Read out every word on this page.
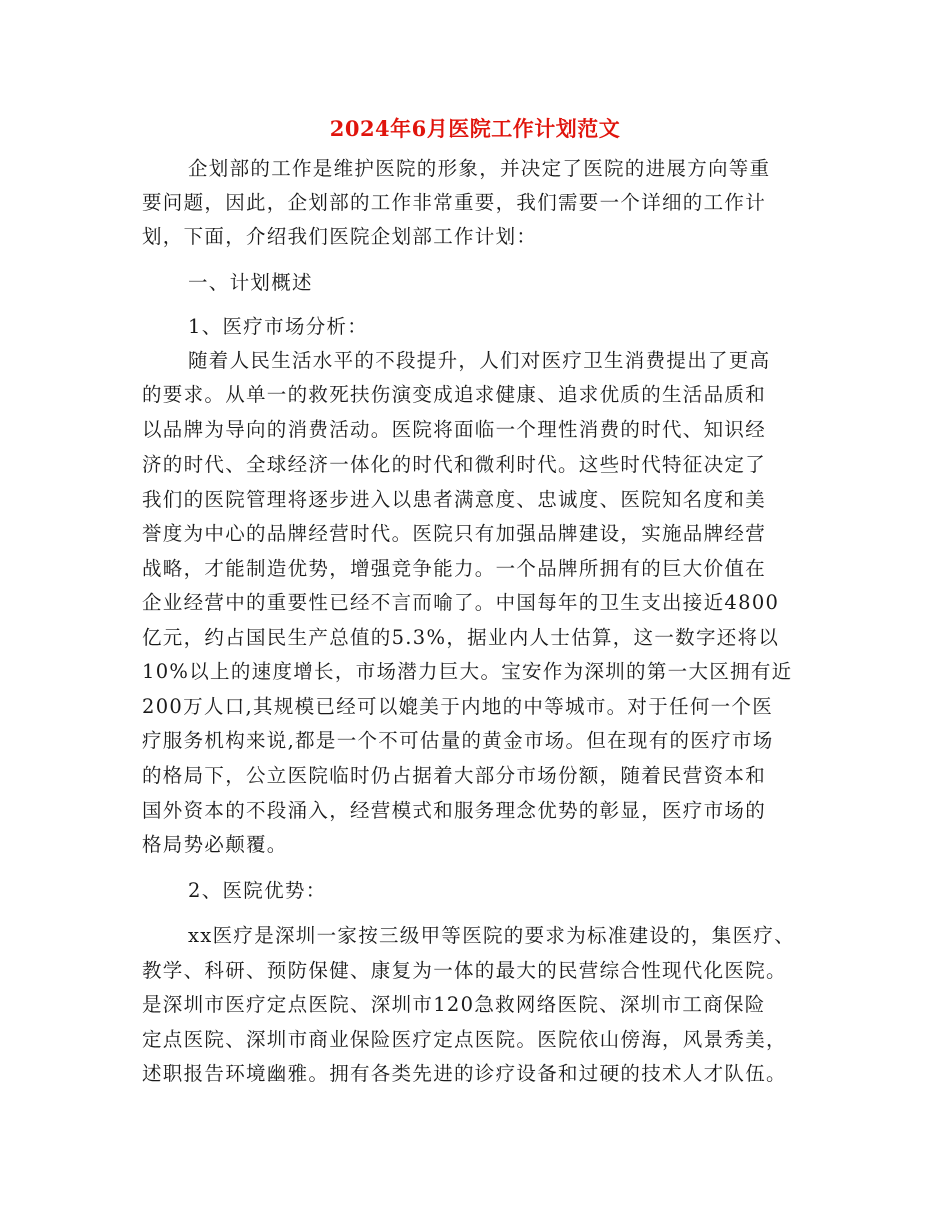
2024年6月医院工作计划范文
企划部的工作是维护医院的形象，并决定了医院的进展方向等重
要问题，因此，企划部的工作非常重要，我们需要一个详细的工作计
划，下面，介绍我们医院企划部工作计划：
一、计划概述
1、医疗市场分析：
随着人民生活水平的不段提升，人们对医疗卫生消费提出了更高
的要求。从单一的救死扶伤演变成追求健康、追求优质的生活品质和
以品牌为导向的消费活动。医院将面临一个理性消费的时代、知识经
济的时代、全球经济一体化的时代和微利时代。这些时代特征决定了
我们的医院管理将逐步进入以患者满意度、忠诚度、医院知名度和美
誉度为中心的品牌经营时代。医院只有加强品牌建设，实施品牌经营
战略，才能制造优势，增强竞争能力。一个品牌所拥有的巨大价值在
企业经营中的重要性已经不言而喻了。中国每年的卫生支出接近4800
亿元，约占国民生产总值的5.3%，据业内人士估算，这一数字还将以
10%以上的速度增长，市场潜力巨大。宝安作为深圳的第一大区拥有近
200万人口,其规模已经可以媲美于内地的中等城市。对于任何一个医
疗服务机构来说,都是一个不可估量的黄金市场。但在现有的医疗市场
的格局下，公立医院临时仍占据着大部分市场份额，随着民营资本和
国外资本的不段涌入，经营模式和服务理念优势的彰显，医疗市场的
格局势必颠覆。
2、医院优势：
xx医疗是深圳一家按三级甲等医院的要求为标准建设的，集医疗、
教学、科研、预防保健、康复为一体的最大的民营综合性现代化医院。
是深圳市医疗定点医院、深圳市120急救网络医院、深圳市工商保险
定点医院、深圳市商业保险医疗定点医院。医院依山傍海，风景秀美，
述职报告环境幽雅。拥有各类先进的诊疗设备和过硬的技术人才队伍。
